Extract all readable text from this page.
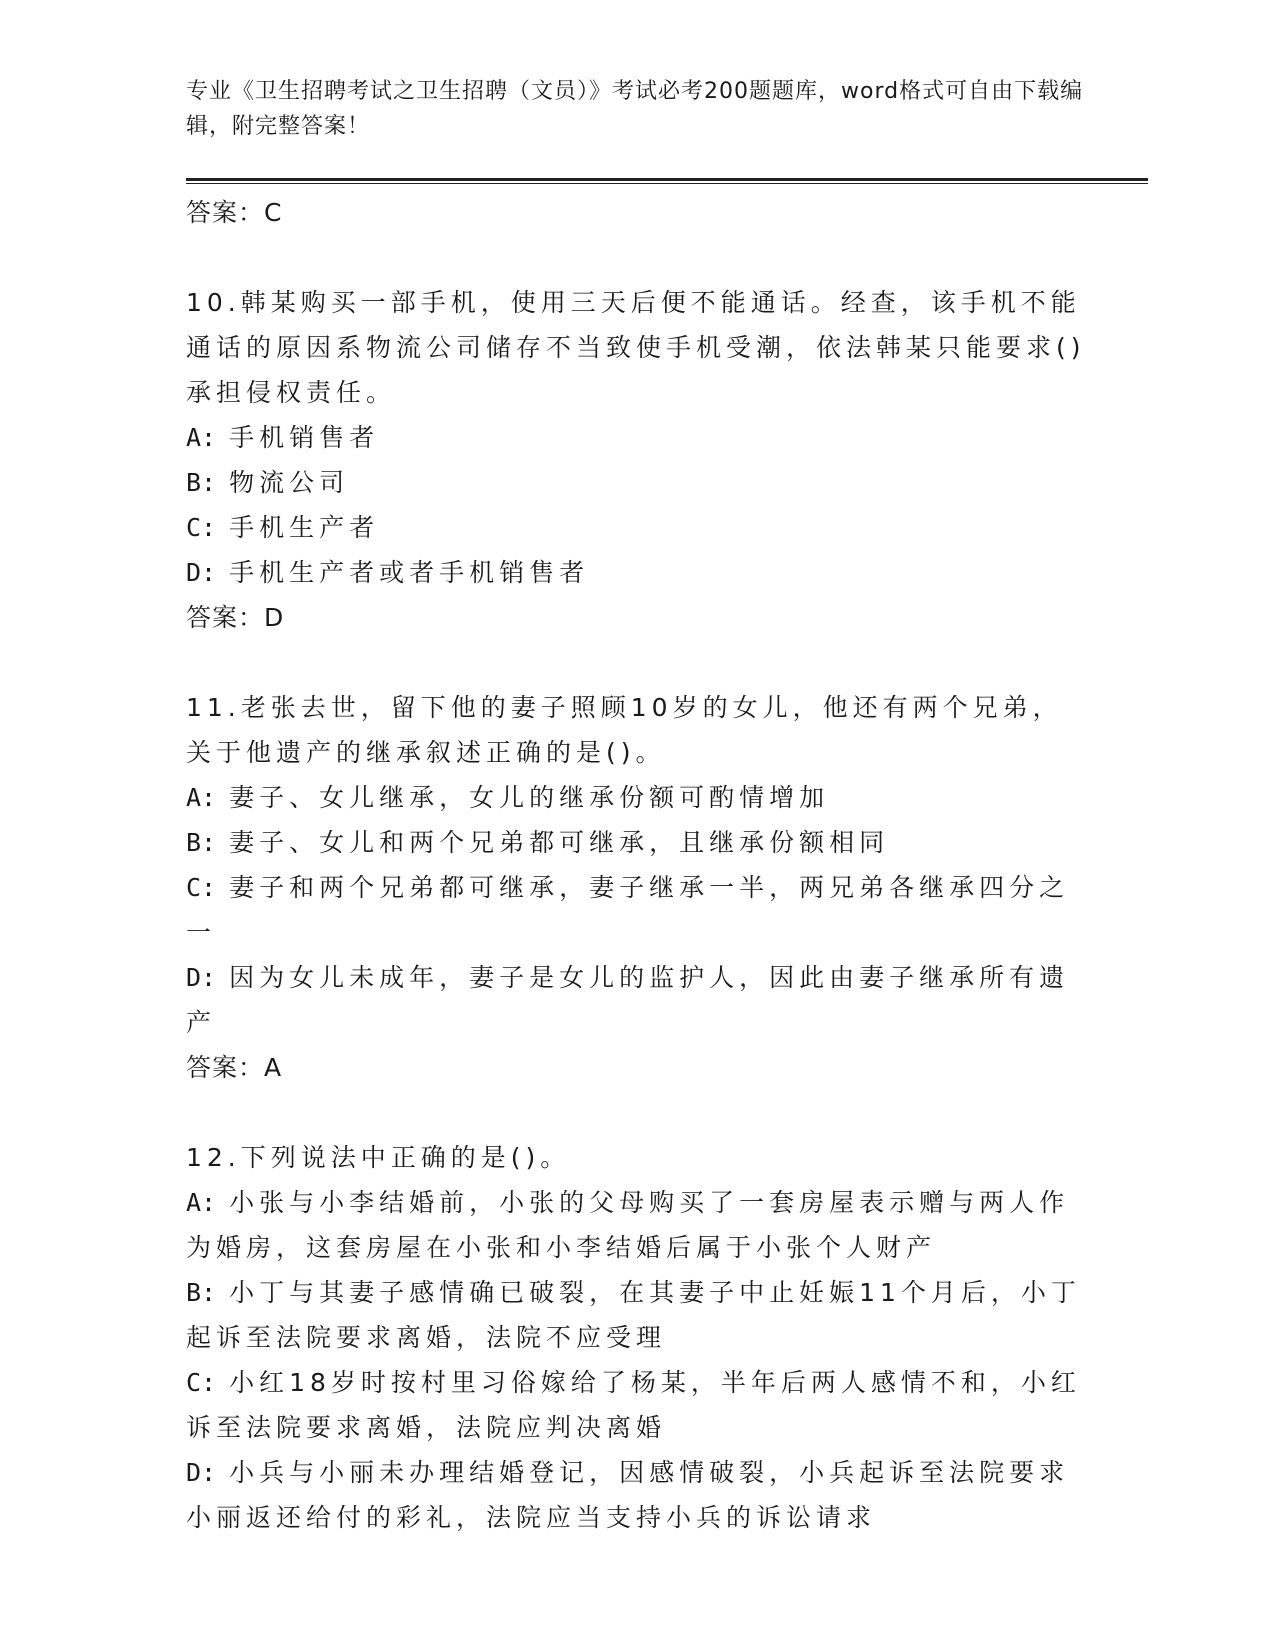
专业《卫生招聘考试之卫生招聘（文员）》考试必考200题题库，word格式可自由下载编辑，附完整答案！
答案：C
10.韩某购买一部手机，使用三天后便不能通话。经查，该手机不能通话的原因系物流公司储存不当致使手机受潮，依法韩某只能要求()承担侵权责任。
A: 手机销售者
B: 物流公司
C: 手机生产者
D: 手机生产者或者手机销售者
答案：D
11.老张去世，留下他的妻子照顾10岁的女儿，他还有两个兄弟，关于他遗产的继承叙述正确的是()。
A: 妻子、女儿继承，女儿的继承份额可酌情增加
B: 妻子、女儿和两个兄弟都可继承，且继承份额相同
C: 妻子和两个兄弟都可继承，妻子继承一半，两兄弟各继承四分之一
D: 因为女儿未成年，妻子是女儿的监护人，因此由妻子继承所有遗产
答案：A
12.下列说法中正确的是()。
A: 小张与小李结婚前，小张的父母购买了一套房屋表示赠与两人作为婚房，这套房屋在小张和小李结婚后属于小张个人财产
B: 小丁与其妻子感情确已破裂，在其妻子中止妊娠11个月后，小丁起诉至法院要求离婚，法院不应受理
C: 小红18岁时按村里习俗嫁给了杨某，半年后两人感情不和，小红诉至法院要求离婚，法院应判决离婚
D: 小兵与小丽未办理结婚登记，因感情破裂，小兵起诉至法院要求小丽返还给付的彩礼，法院应当支持小兵的诉讼请求
